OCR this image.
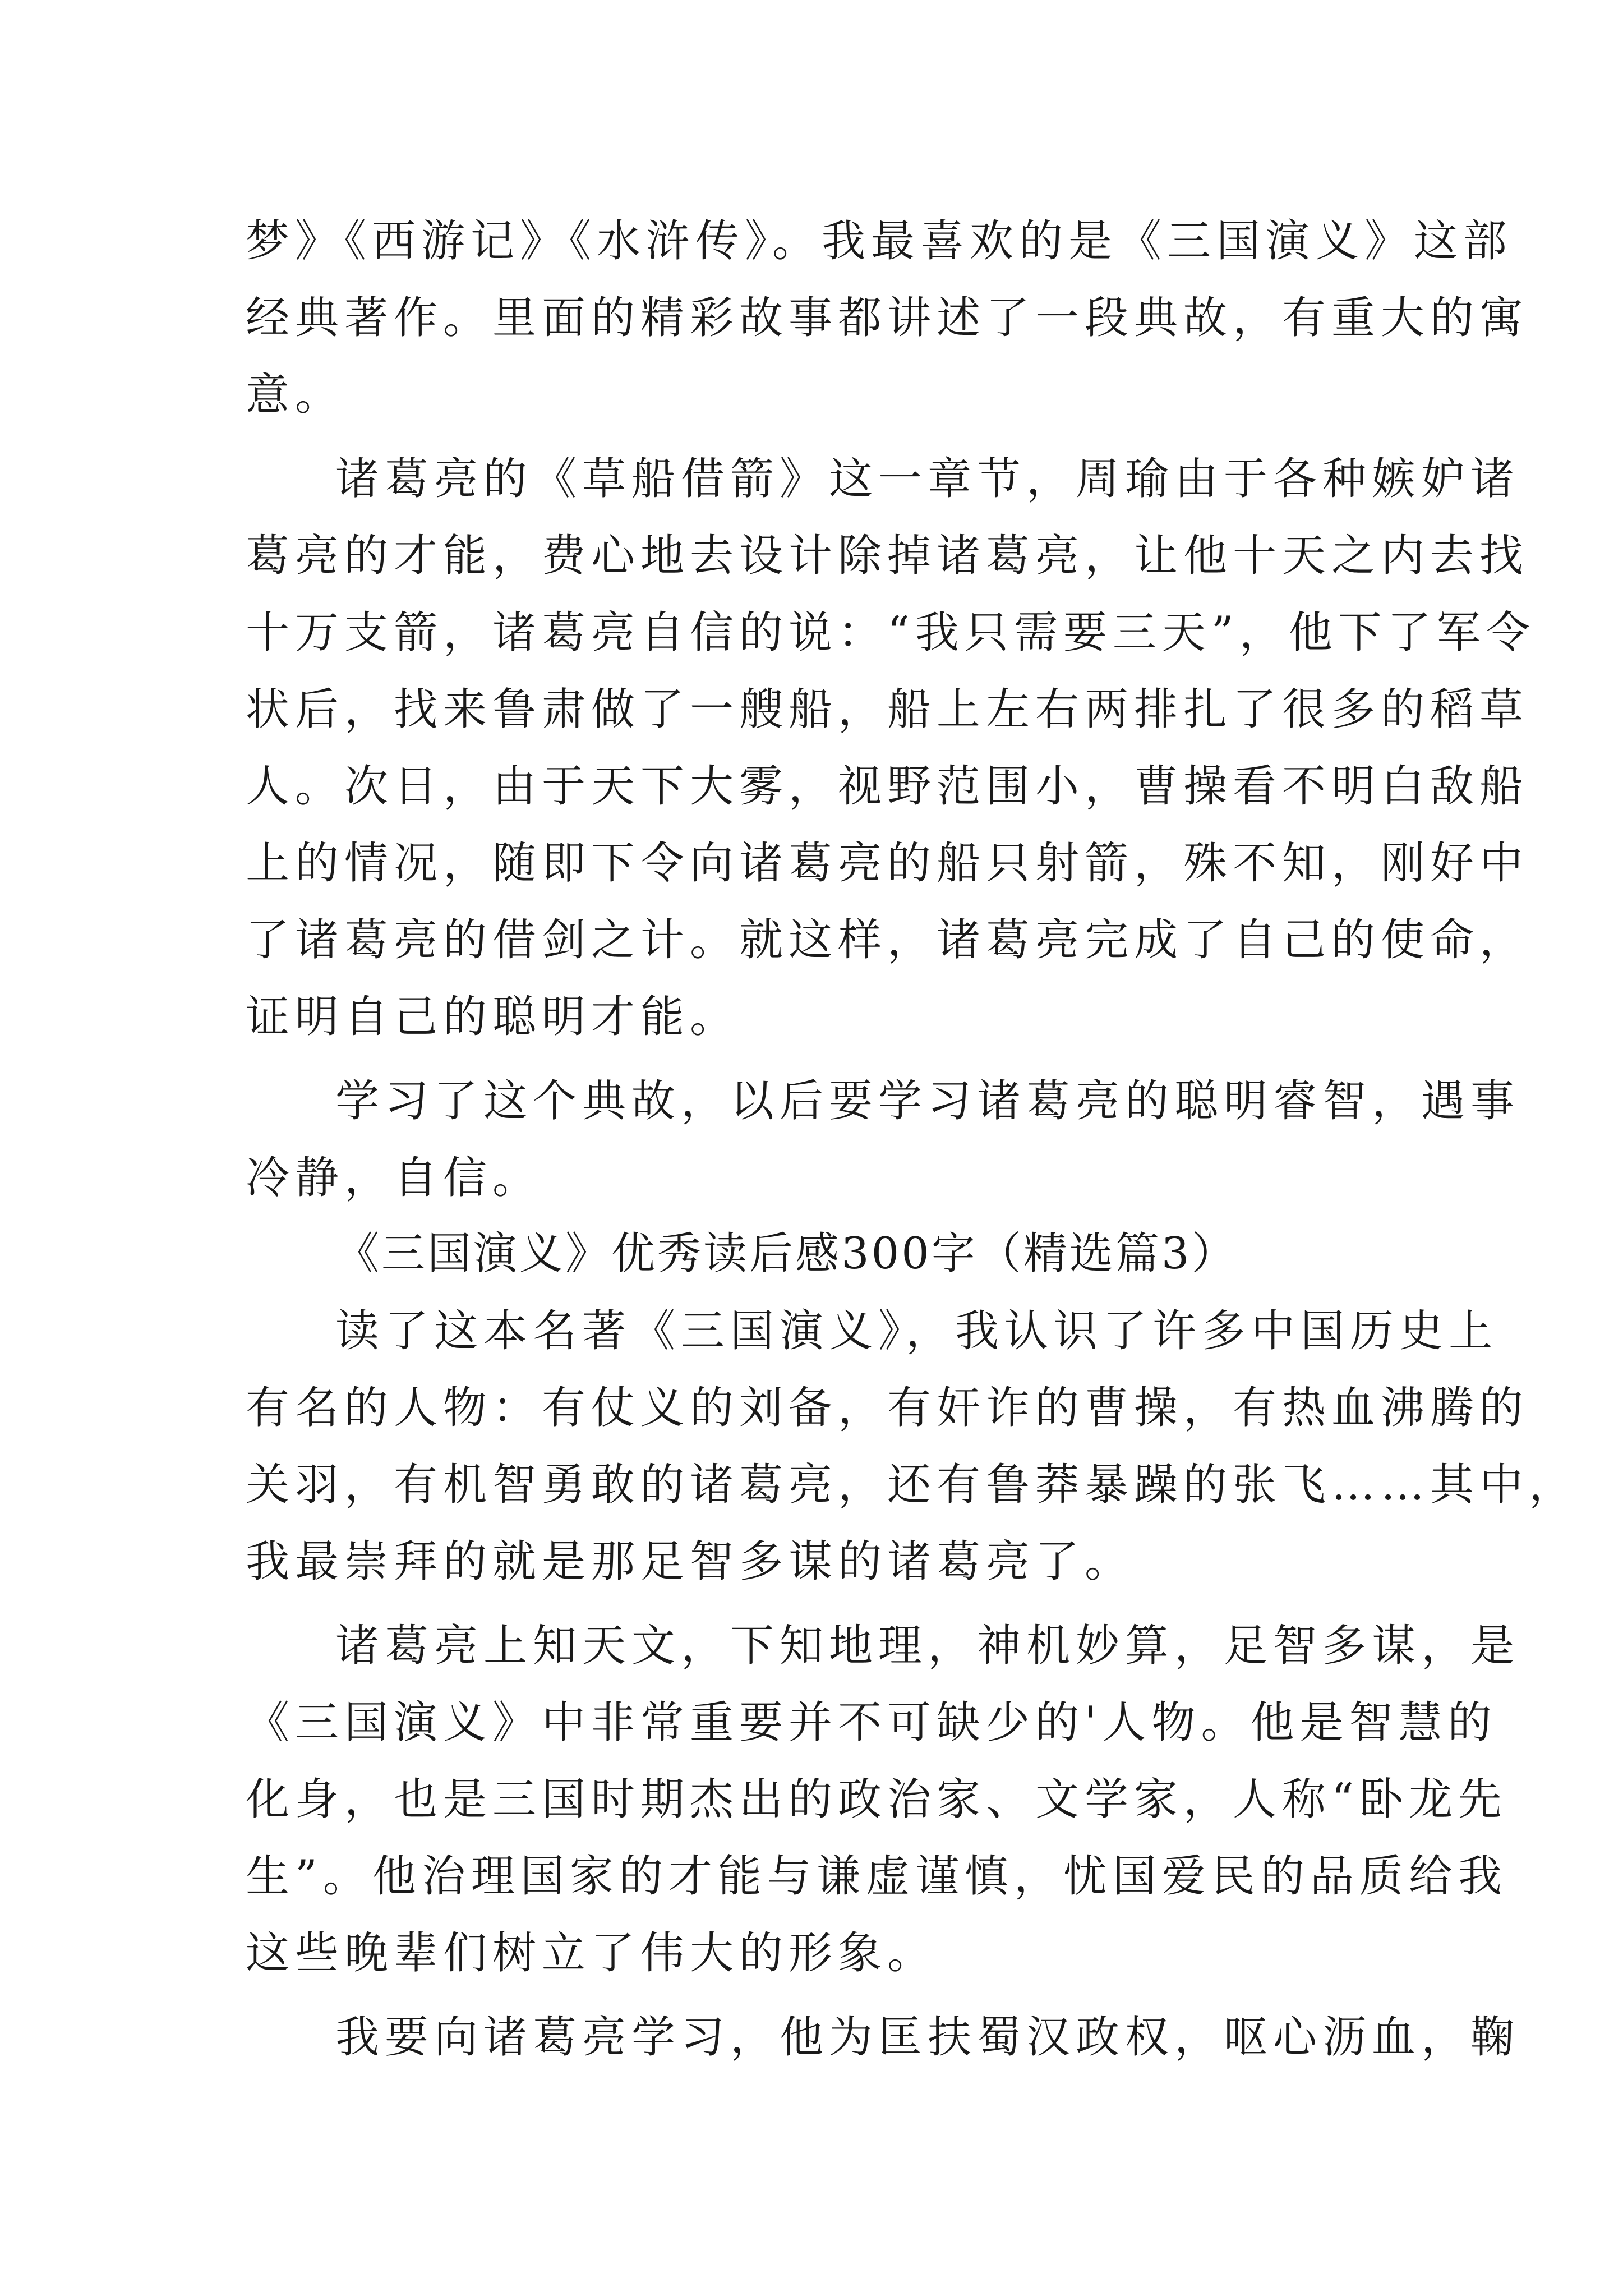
梦》《西游记》《水浒传》。我最喜欢的是《三国演义》这部
经典著作。里面的精彩故事都讲述了一段典故，有重大的寓
意。
诸葛亮的《草船借箭》这一章节，周瑜由于各种嫉妒诸
葛亮的才能，费心地去设计除掉诸葛亮，让他十天之内去找
十万支箭，诸葛亮自信的说：“我只需要三天”，他下了军令
状后，找来鲁肃做了一艘船，船上左右两排扎了很多的稻草
人。次日，由于天下大雾，视野范围小，曹操看不明白敌船
上的情况，随即下令向诸葛亮的船只射箭，殊不知，刚好中
了诸葛亮的借剑之计。就这样，诸葛亮完成了自己的使命，
证明自己的聪明才能。
学习了这个典故，以后要学习诸葛亮的聪明睿智，遇事
冷静，自信。
《三国演义》优秀读后感300字（精选篇3）
读了这本名著《三国演义》，我认识了许多中国历史上
有名的人物：有仗义的刘备，有奸诈的曹操，有热血沸腾的
关羽，有机智勇敢的诸葛亮，还有鲁莽暴躁的张飞……其中，
我最崇拜的就是那足智多谋的诸葛亮了。
诸葛亮上知天文，下知地理，神机妙算，足智多谋，是
《三国演义》中非常重要并不可缺少的'人物。他是智慧的
化身，也是三国时期杰出的政治家、文学家，人称“卧龙先
生”。他治理国家的才能与谦虚谨慎，忧国爱民的品质给我
这些晚辈们树立了伟大的形象。
我要向诸葛亮学习，他为匡扶蜀汉政权，呕心沥血，鞠
